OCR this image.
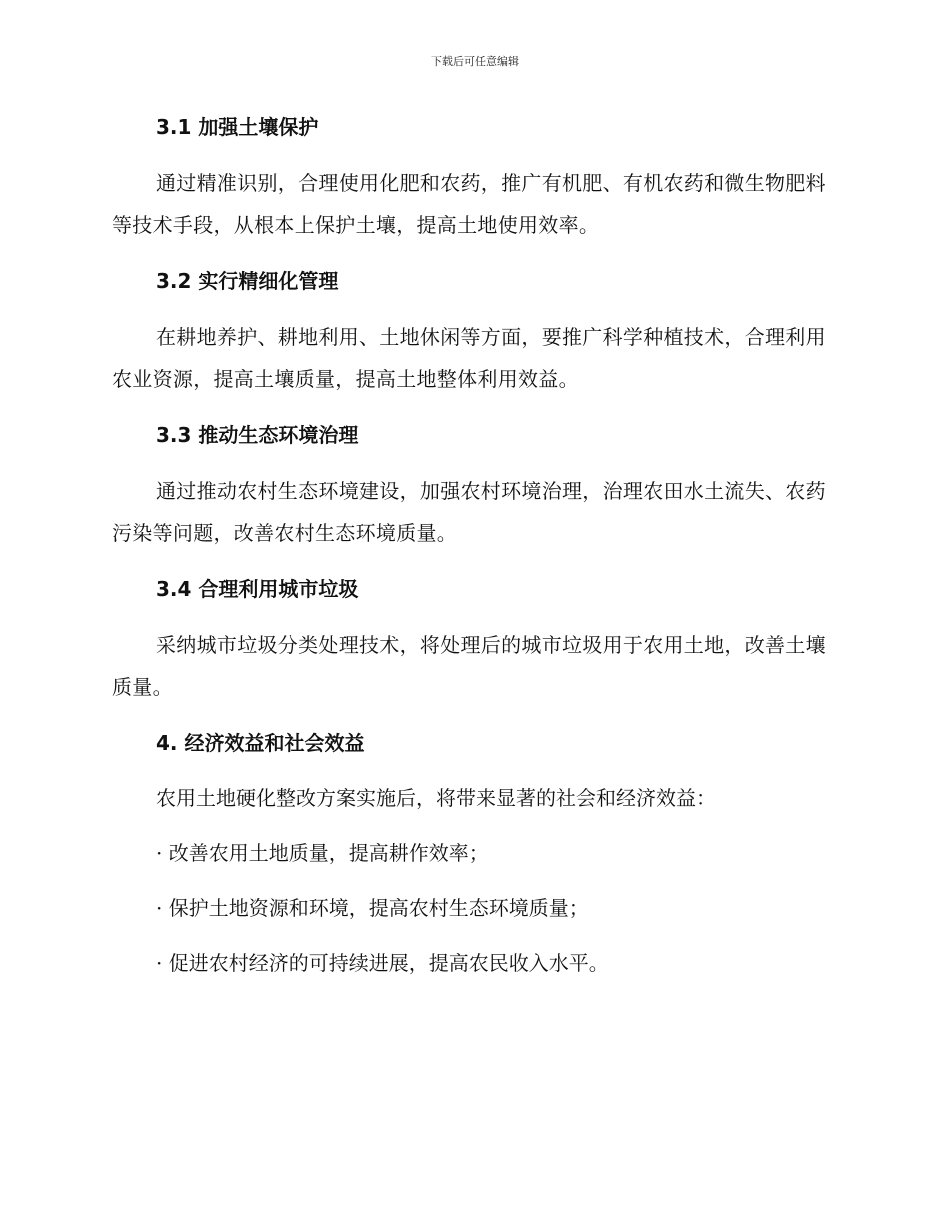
下载后可任意编辑
3.1 加强土壤保护

通过精准识别，合理使用化肥和农药，推广有机肥、有机农药和微生物肥料等技术手段，从根本上保护土壤，提高土地使用效率。

3.2 实行精细化管理

在耕地养护、耕地利用、土地休闲等方面，要推广科学种植技术，合理利用农业资源，提高土壤质量，提高土地整体利用效益。

3.3 推动生态环境治理

通过推动农村生态环境建设，加强农村环境治理，治理农田水土流失、农药污染等问题，改善农村生态环境质量。

3.4 合理利用城市垃圾

采纳城市垃圾分类处理技术，将处理后的城市垃圾用于农用土地，改善土壤质量。

4. 经济效益和社会效益

农用土地硬化整改方案实施后，将带来显著的社会和经济效益：

· 改善农用土地质量，提高耕作效率；

· 保护土地资源和环境，提高农村生态环境质量；

· 促进农村经济的可持续进展，提高农民收入水平。
